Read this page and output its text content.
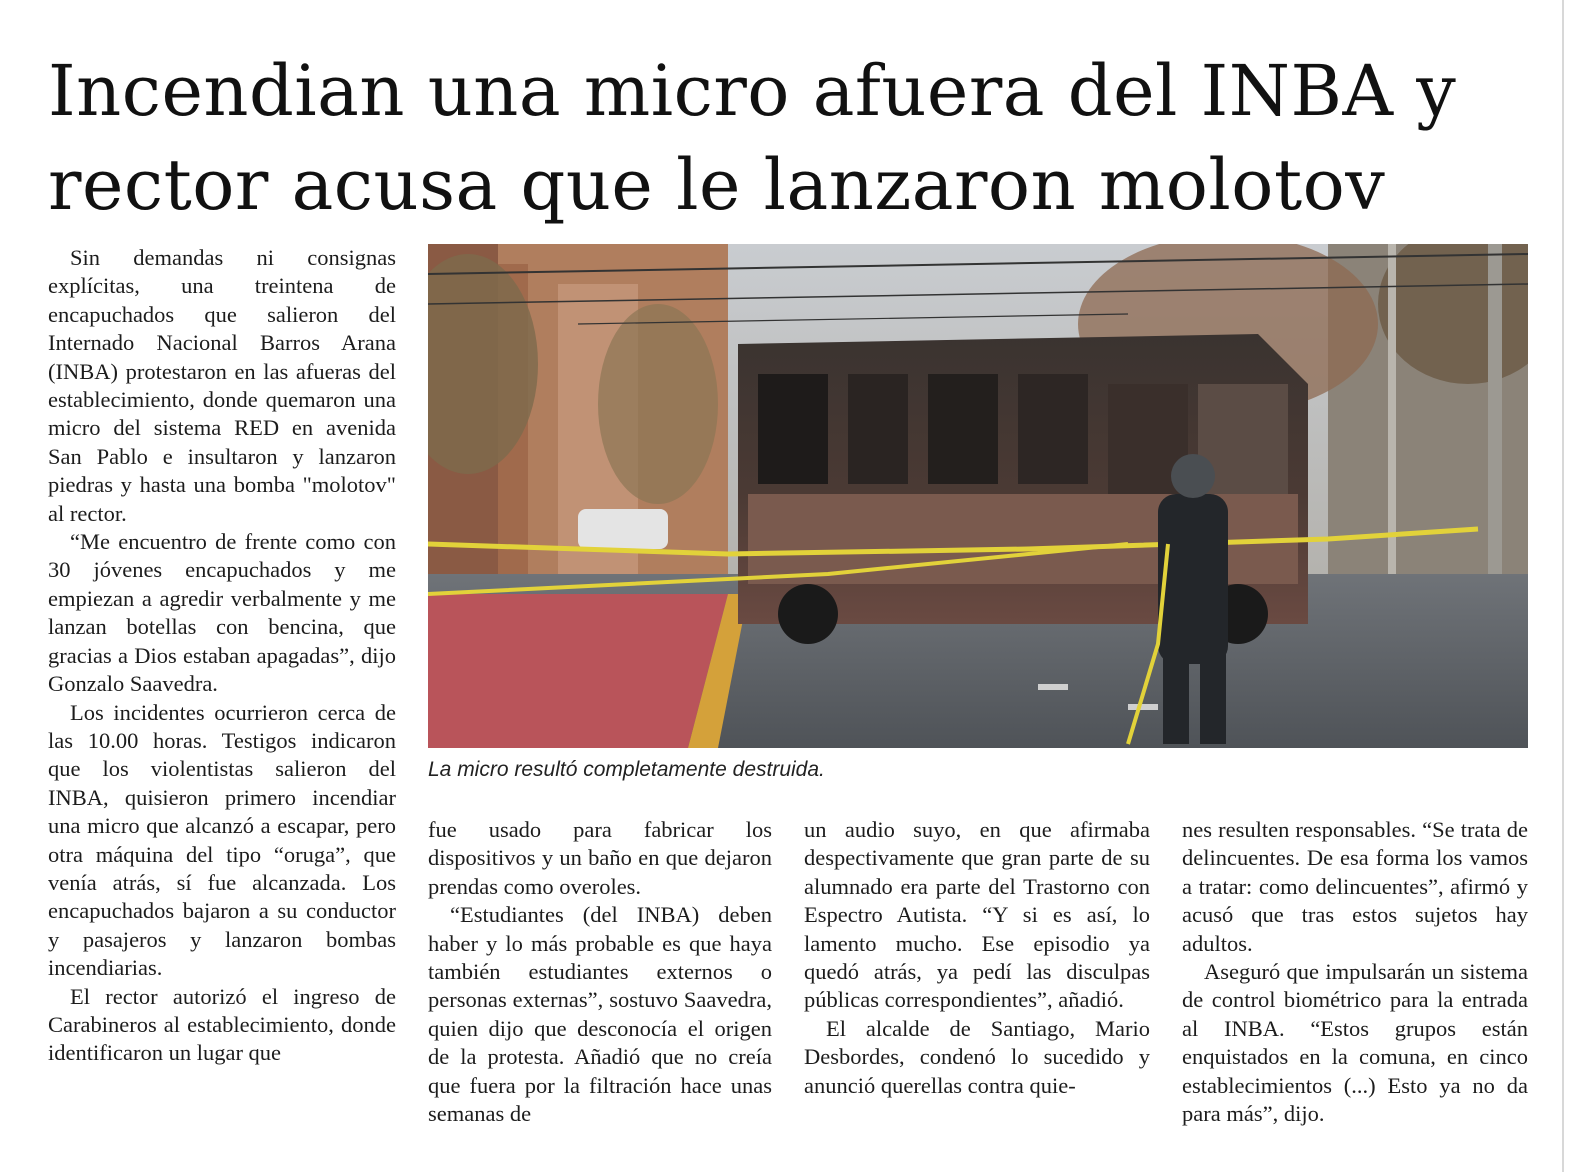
Incendian una micro afuera del INBA y
rector acusa que le lanzaron molotov

Sin demandas ni consignas explícitas, una treintena de encapuchados que salieron del Internado Nacional Barros Arana (INBA) protestaron en las afueras del establecimiento, donde quemaron una micro del sistema RED en avenida San Pablo e insultaron y lanzaron piedras y hasta una bomba "molotov" al rector.

“Me encuentro de frente como con 30 jóvenes encapuchados y me empiezan a agredir verbalmente y me lanzan botellas con bencina, que gracias a Dios estaban apagadas”, dijo Gonzalo Saavedra.

Los incidentes ocurrieron cerca de las 10.00 horas. Testigos indicaron que los violentistas salieron del INBA, quisieron primero incendiar una micro que alcanzó a escapar, pero otra máquina del tipo “oruga”, que venía atrás, sí fue alcanzada. Los encapuchados bajaron a su conductor y pasajeros y lanzaron bombas incendiarias.

El rector autorizó el ingreso de Carabineros al establecimiento, donde identificaron un lugar que

La micro resultó completamente destruida.

fue usado para fabricar los dispositivos y un baño en que dejaron prendas como overoles.

“Estudiantes (del INBA) deben haber y lo más probable es que haya también estudiantes externos o personas externas”, sostuvo Saavedra, quien dijo que desconocía el origen de la protesta. Añadió que no creía que fuera por la filtración hace unas semanas de

un audio suyo, en que afirmaba despectivamente que gran parte de su alumnado era parte del Trastorno con Espectro Autista. “Y si es así, lo lamento mucho. Ese episodio ya quedó atrás, ya pedí las disculpas públicas correspondientes”, añadió.

El alcalde de Santiago, Mario Desbordes, condenó lo sucedido y anunció querellas contra quie-

nes resulten responsables. “Se trata de delincuentes. De esa forma los vamos a tratar: como delincuentes”, afirmó y acusó que tras estos sujetos hay adultos.

Aseguró que impulsarán un sistema de control biométrico para la entrada al INBA. “Estos grupos están enquistados en la comuna, en cinco establecimientos (...) Esto ya no da para más”, dijo.
